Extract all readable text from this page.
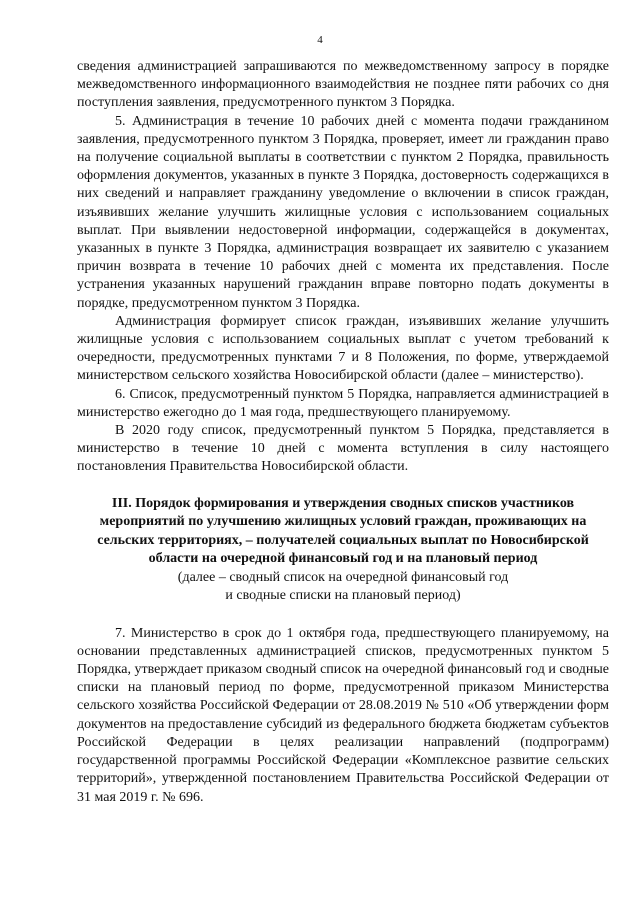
4

сведения администрацией запрашиваются по межведомственному запросу в порядке межведомственного информационного взаимодействия не позднее пяти рабочих со дня поступления заявления, предусмотренного пунктом 3 Порядка.

5. Администрация в течение 10 рабочих дней с момента подачи гражданином заявления, предусмотренного пунктом 3 Порядка, проверяет, имеет ли гражданин право на получение социальной выплаты в соответствии с пунктом 2 Порядка, правильность оформления документов, указанных в пункте 3 Порядка, достоверность содержащихся в них сведений и направляет гражданину уведомление о включении в список граждан, изъявивших желание улучшить жилищные условия с использованием социальных выплат. При выявлении недостоверной информации, содержащейся в документах, указанных в пункте 3 Порядка, администрация возвращает их заявителю с указанием причин возврата в течение 10 рабочих дней с момента их представления. После устранения указанных нарушений гражданин вправе повторно подать документы в порядке, предусмотренном пунктом 3 Порядка.

Администрация формирует список граждан, изъявивших желание улучшить жилищные условия с использованием социальных выплат с учетом требований к очередности, предусмотренных пунктами 7 и 8 Положения, по форме, утверждаемой министерством сельского хозяйства Новосибирской области (далее – министерство).

6. Список, предусмотренный пунктом 5 Порядка, направляется администрацией в министерство ежегодно до 1 мая года, предшествующего планируемому.

В 2020 году список, предусмотренный пунктом 5 Порядка, представляется в министерство в течение 10 дней с момента вступления в силу настоящего постановления Правительства Новосибирской области.

III. Порядок формирования и утверждения сводных списков участников
мероприятий по улучшению жилищных условий граждан, проживающих на
сельских территориях, – получателей социальных выплат по Новосибирской
области на очередной финансовый год и на плановый период
(далее – сводный список на очередной финансовый год
и сводные списки на плановый период)

7. Министерство в срок до 1 октября года, предшествующего планируемому, на основании представленных администрацией списков, предусмотренных пунктом 5 Порядка, утверждает приказом сводный список на очередной финансовый год и сводные списки на плановый период по форме, предусмотренной приказом Министерства сельского хозяйства Российской Федерации от 28.08.2019 № 510 «Об утверждении форм документов на предоставление субсидий из федерального бюджета бюджетам субъектов Российской Федерации в целях реализации направлений (подпрограмм) государственной программы Российской Федерации «Комплексное развитие сельских территорий», утвержденной постановлением Правительства Российской Федерации от 31 мая 2019 г. № 696.
